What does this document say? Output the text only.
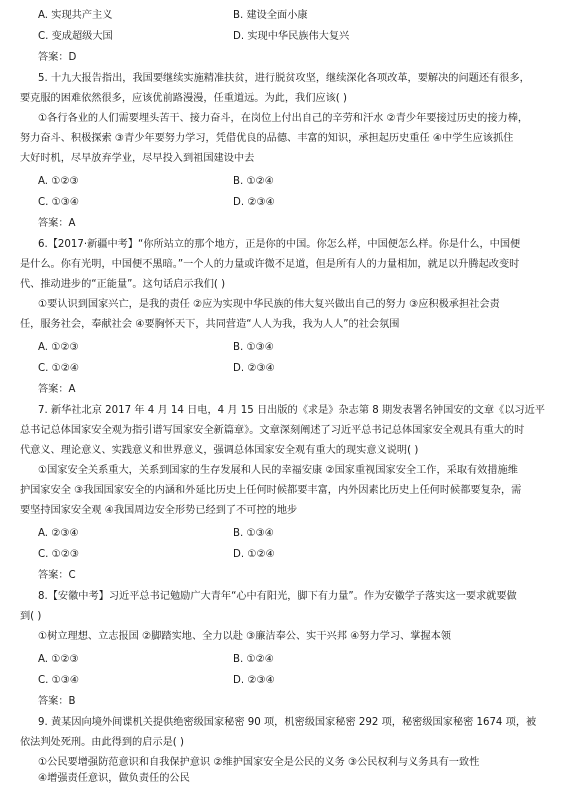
A. 实现共产主义	B. 建设全面小康
C. 变成超级大国	D. 实现中华民族伟大复兴
答案：D
5. 十九大报告指出，我国要继续实施精准扶贫，进行脱贫攻坚，继续深化各项改革，要解决的问题还有很多，
要克服的困难依然很多，应该优前路漫漫，任重道远。为此，我们应该( )
①各行各业的人们需要埋头苦干、接力奋斗，在岗位上付出自己的辛劳和汗水 ②青少年要接过历史的接力棒，
努力奋斗、积极探索 ③青少年要努力学习，凭借优良的品德、丰富的知识，承担起历史重任 ④中学生应该抓住
大好时机，尽早放弃学业，尽早投入到祖国建设中去
A. ①②③	B. ①②④
C. ①③④	D. ②③④
答案：A
6.【2017·新疆中考】“你所站立的那个地方，正是你的中国。你怎么样，中国便怎么样。你是什么，中国便
是什么。你有光明，中国便不黑暗。”一个人的力量或许微不足道，但是所有人的力量相加，就足以升腾起改变时
代、推动进步的“正能量”。这句话启示我们( )
①要认识到国家兴亡，是我的责任 ②应为实现中华民族的伟大复兴做出自己的努力 ③应积极承担社会责
任，服务社会，奉献社会 ④要胸怀天下，共同营造“人人为我，我为人人”的社会氛围
A. ①②③	B. ①③④
C. ①②④	D. ②③④
答案：A
7. 新华社北京 2017 年 4 月 14 日电，4 月 15 日出版的《求是》杂志第 8 期发表署名钟国安的文章《以习近平
总书记总体国家安全观为指引谱写国家安全新篇章》。文章深刻阐述了习近平总书记总体国家安全观具有重大的时
代意义、理论意义、实践意义和世界意义，强调总体国家安全观有重大的现实意义说明( )
①国家安全关系重大，关系到国家的生存发展和人民的幸福安康 ②国家重视国家安全工作，采取有效措施维
护国家安全 ③我国国家安全的内涵和外延比历史上任何时候都要丰富，内外因素比历史上任何时候都要复杂，需
要坚持国家安全观 ④我国周边安全形势已经到了不可控的地步
A. ②③④	B. ①③④
C. ①②③	D. ①②④
答案：C
8.【安徽中考】习近平总书记勉励广大青年“心中有阳光，脚下有力量”。作为安徽学子落实这一要求就要做
到( )
①树立理想、立志报国 ②脚踏实地、全力以赴 ③廉洁奉公、实干兴邦 ④努力学习、掌握本领
A. ①②③	B. ①②④
C. ①③④	D. ②③④
答案：B
9. 黄某因向境外间谍机关提供绝密级国家秘密 90 项，机密级国家秘密 292 项，秘密级国家秘密 1674 项，被
依法判处死刑。由此得到的启示是( )
①公民要增强防范意识和自我保护意识 ②维护国家安全是公民的义务 ③公民权利与义务具有一致性
④增强责任意识，做负责任的公民
